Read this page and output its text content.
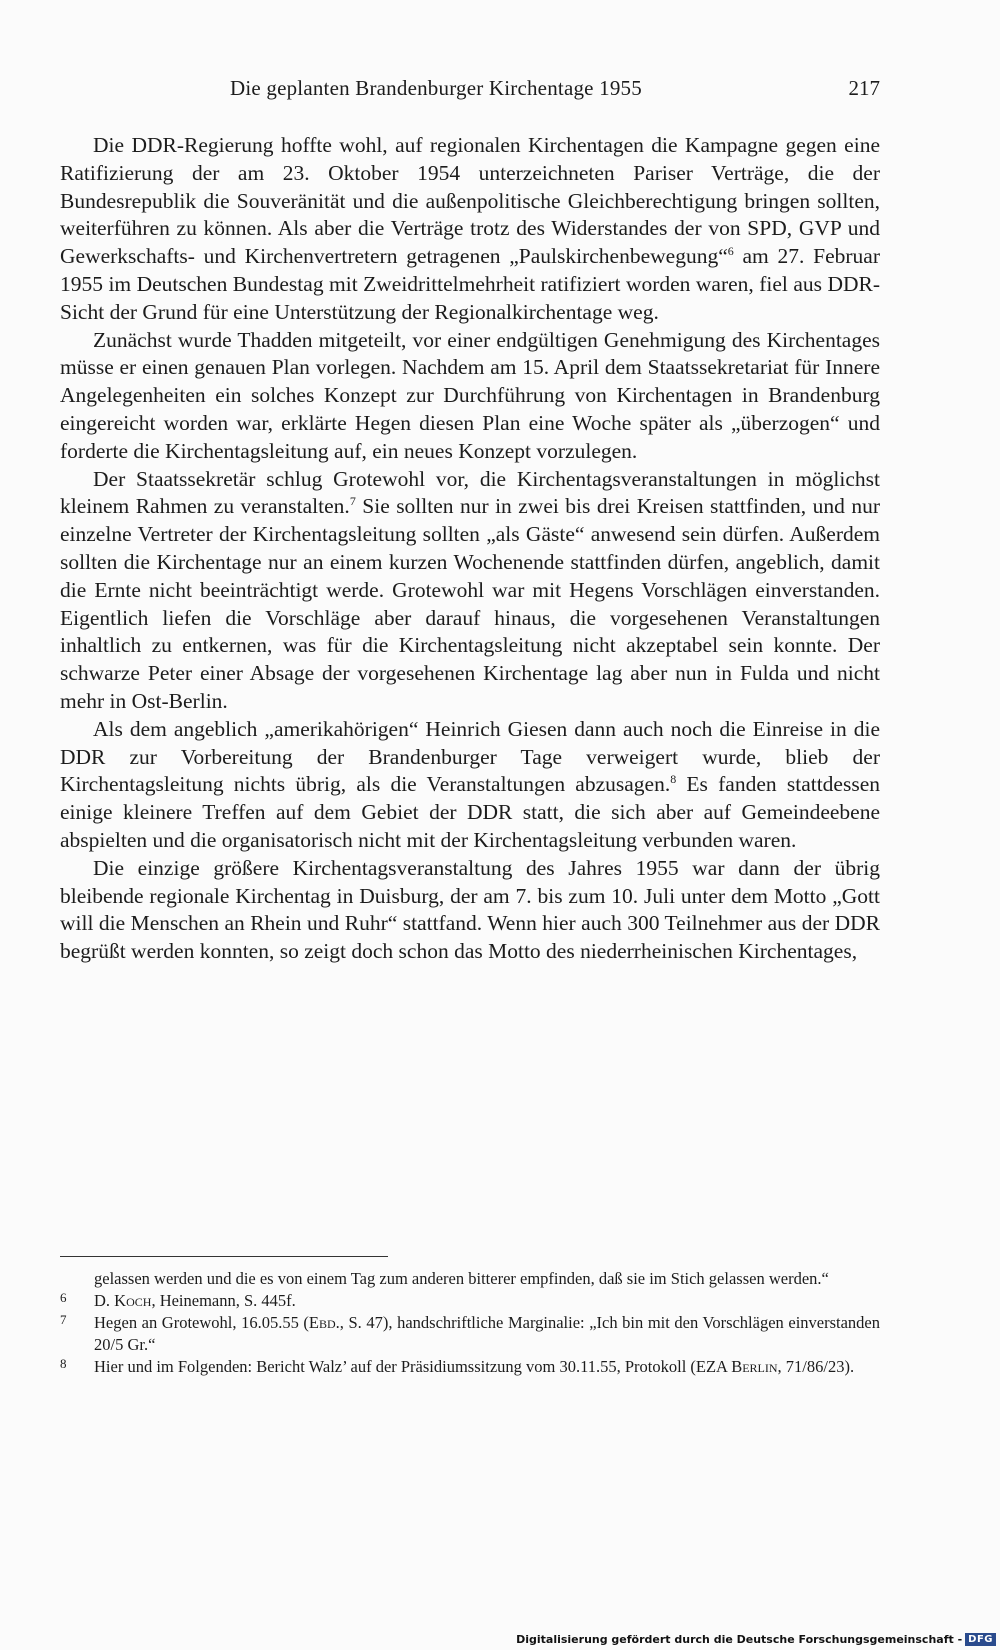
Die geplanten Brandenburger Kirchentage 1955	217

Die DDR-Regierung hoffte wohl, auf regionalen Kirchentagen die Kampagne gegen eine Ratifizierung der am 23. Oktober 1954 unterzeichneten Pariser Verträge, die der Bundesrepublik die Souveränität und die außenpolitische Gleichberechtigung bringen sollten, weiterführen zu können. Als aber die Verträge trotz des Widerstandes der von SPD, GVP und Gewerkschafts- und Kirchenvertretern getragenen „Paulskirchenbewegung“$^6$ am 27. Februar 1955 im Deutschen Bundestag mit Zweidrittelmehrheit ratifiziert worden waren, fiel aus DDR-Sicht der Grund für eine Unterstützung der Regionalkirchentage weg.

Zunächst wurde Thadden mitgeteilt, vor einer endgültigen Genehmigung des Kirchentages müsse er einen genauen Plan vorlegen. Nachdem am 15. April dem Staatssekretariat für Innere Angelegenheiten ein solches Konzept zur Durchführung von Kirchentagen in Brandenburg eingereicht worden war, erklärte Hegen diesen Plan eine Woche später als „überzogen“ und forderte die Kirchentagsleitung auf, ein neues Konzept vorzulegen.

Der Staatssekretär schlug Grotewohl vor, die Kirchentagsveranstaltungen in möglichst kleinem Rahmen zu veranstalten.$^7$ Sie sollten nur in zwei bis drei Kreisen stattfinden, und nur einzelne Vertreter der Kirchentagsleitung sollten „als Gäste“ anwesend sein dürfen. Außerdem sollten die Kirchentage nur an einem kurzen Wochenende stattfinden dürfen, angeblich, damit die Ernte nicht beeinträchtigt werde. Grotewohl war mit Hegens Vorschlägen einverstanden. Eigentlich liefen die Vorschläge aber darauf hinaus, die vorgesehenen Veranstaltungen inhaltlich zu entkernen, was für die Kirchentagsleitung nicht akzeptabel sein konnte. Der schwarze Peter einer Absage der vorgesehenen Kirchentage lag aber nun in Fulda und nicht mehr in Ost-Berlin.

Als dem angeblich „amerikahörigen“ Heinrich Giesen dann auch noch die Einreise in die DDR zur Vorbereitung der Brandenburger Tage verweigert wurde, blieb der Kirchentagsleitung nichts übrig, als die Veranstaltungen abzusagen.$^8$ Es fanden stattdessen einige kleinere Treffen auf dem Gebiet der DDR statt, die sich aber auf Gemeindeebene abspielten und die organisatorisch nicht mit der Kirchentagsleitung verbunden waren.

Die einzige größere Kirchentagsveranstaltung des Jahres 1955 war dann der übrig bleibende regionale Kirchentag in Duisburg, der am 7. bis zum 10. Juli unter dem Motto „Gott will die Menschen an Rhein und Ruhr“ stattfand. Wenn hier auch 300 Teilnehmer aus der DDR begrüßt werden konnten, so zeigt doch schon das Motto des niederrheinischen Kirchentages,

gelassen werden und die es von einem Tag zum anderen bitterer empfinden, daß sie im Stich gelassen werden.“

6 D. Koch, Heinemann, S. 445f.

7 Hegen an Grotewohl, 16.05.55 (Ebd., S. 47), handschriftliche Marginalie: „Ich bin mit den Vorschlägen einverstanden 20/5 Gr.“

8 Hier und im Folgenden: Bericht Walz’ auf der Präsidiumssitzung vom 30.11.55, Protokoll (EZA Berlin, 71/86/23).

Digitalisierung gefördert durch die Deutsche Forschungsgemeinschaft - DFG
